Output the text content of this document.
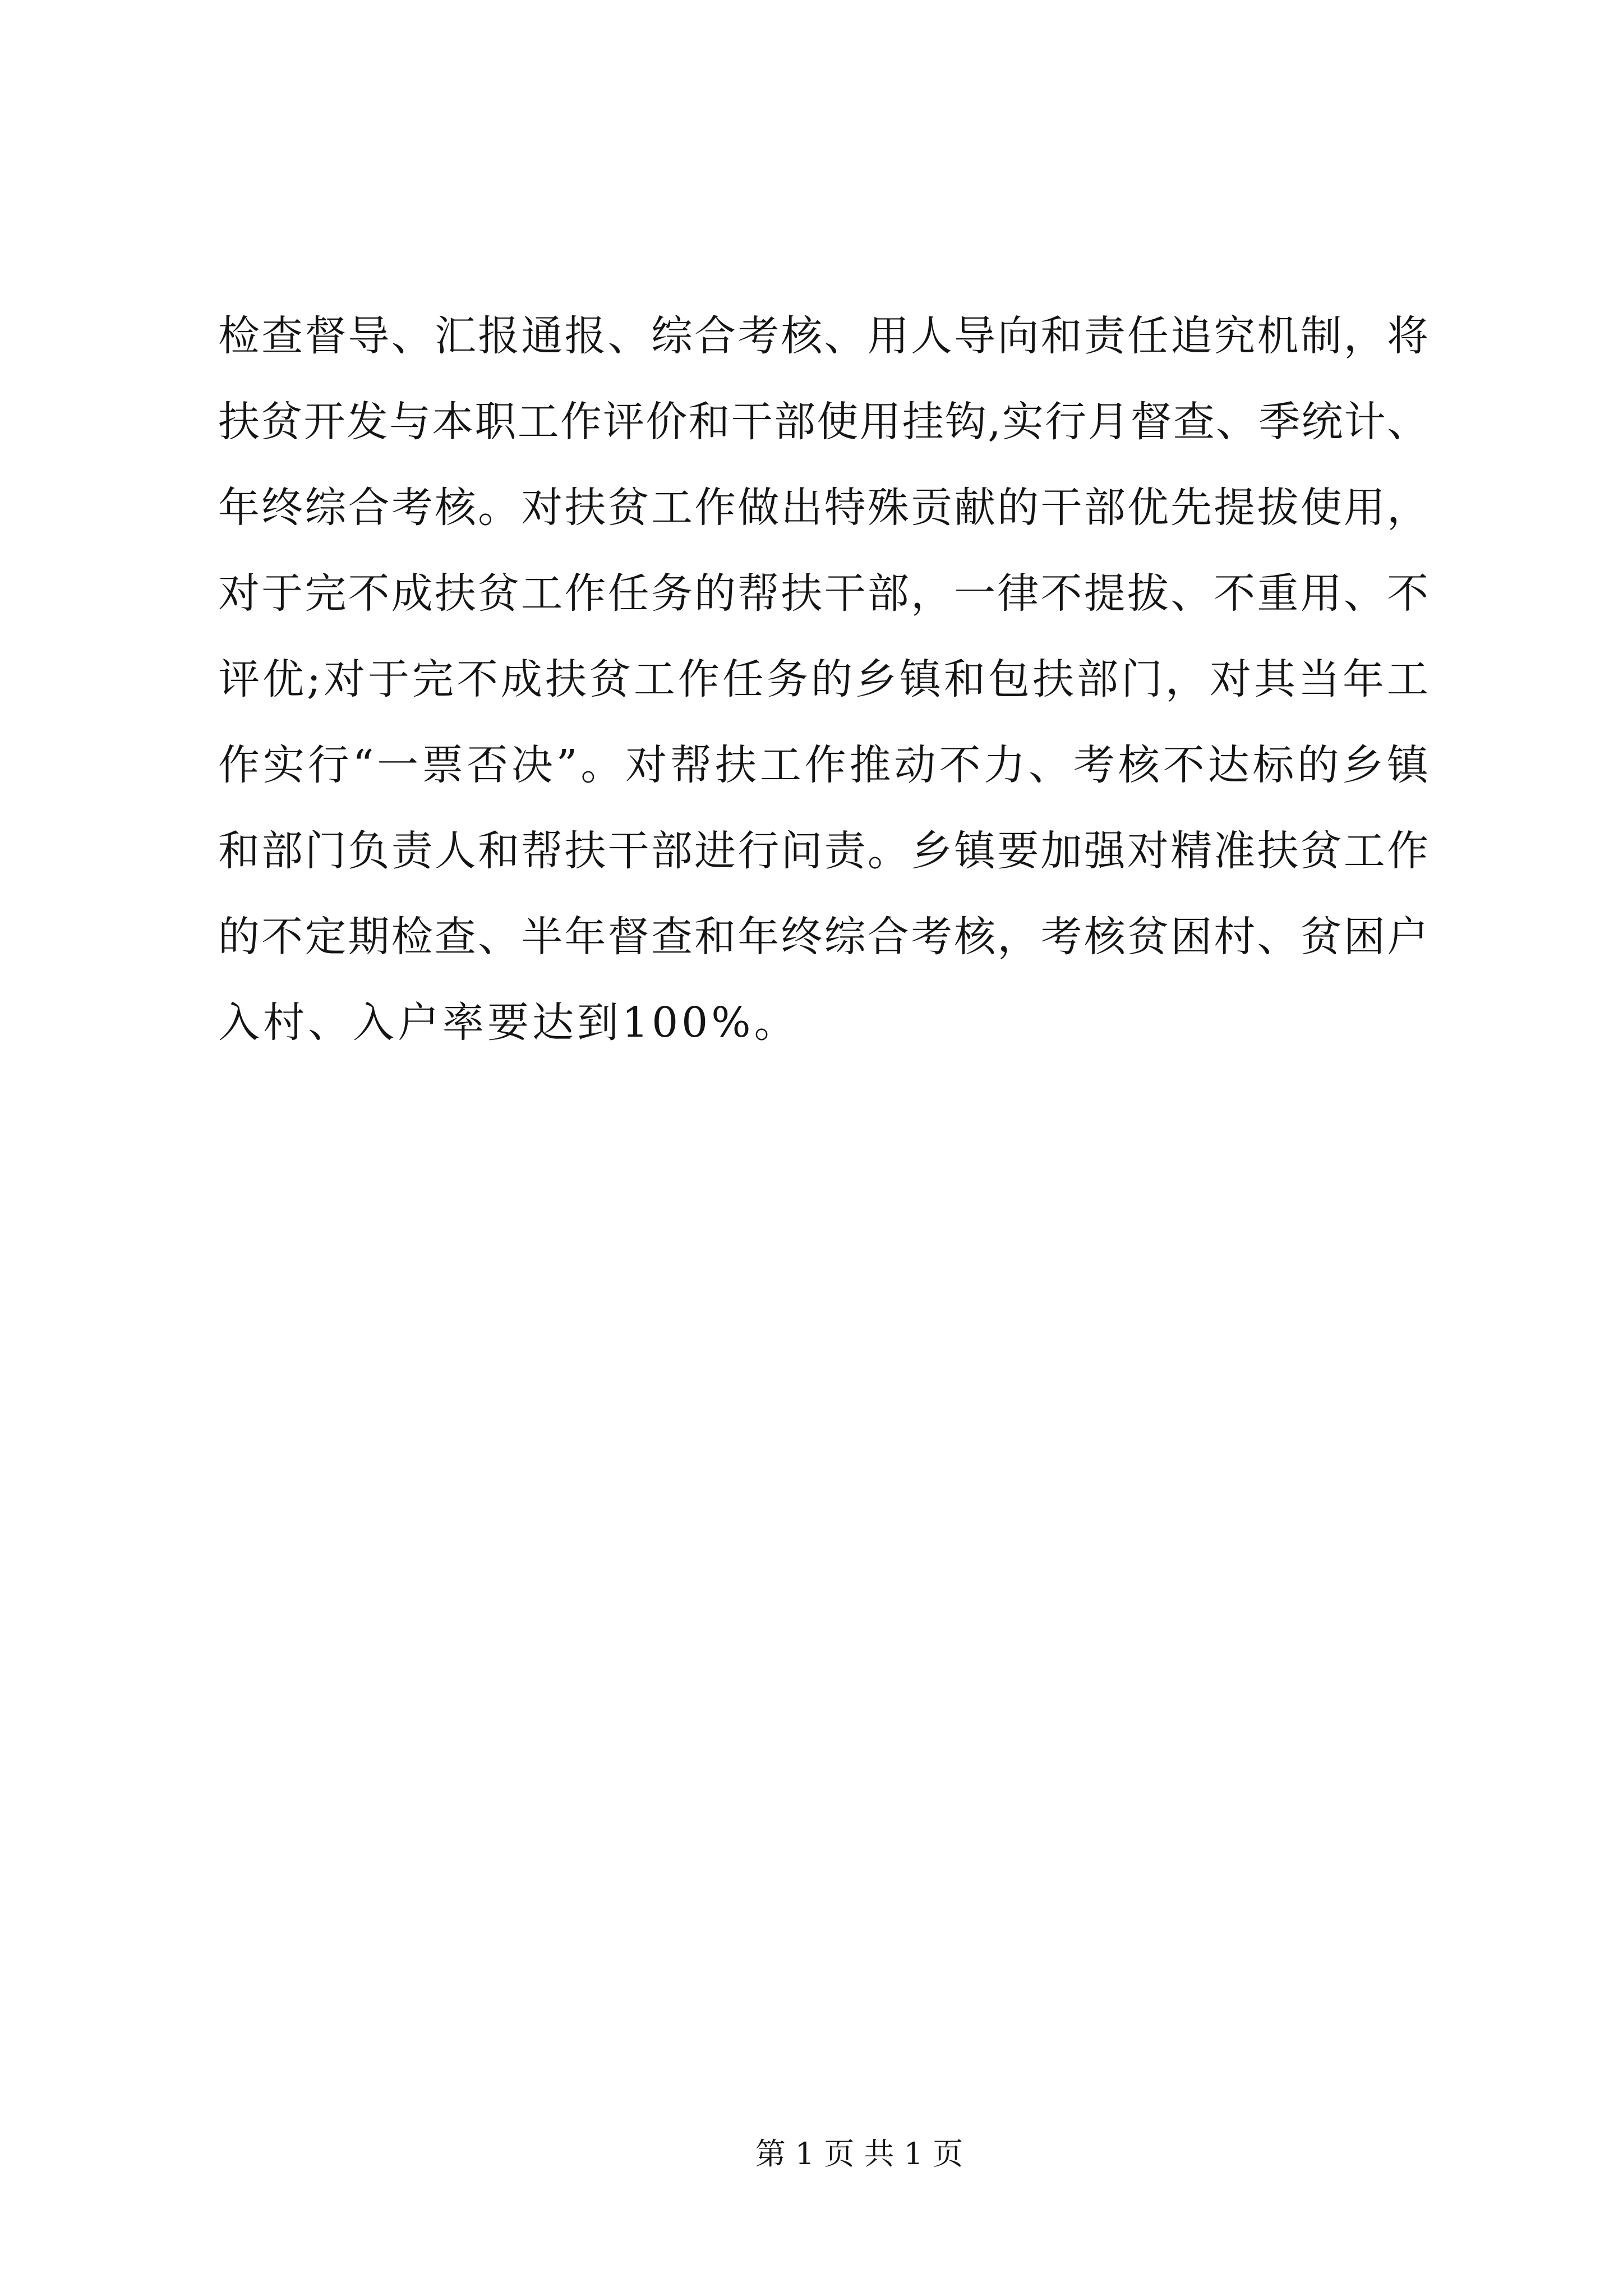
检查督导、汇报通报、综合考核、用人导向和责任追究机制，将
扶贫开发与本职工作评价和干部使用挂钩,实行月督查、季统计、
年终综合考核。对扶贫工作做出特殊贡献的干部优先提拔使用，
对于完不成扶贫工作任务的帮扶干部，一律不提拔、不重用、不
评优;对于完不成扶贫工作任务的乡镇和包扶部门，对其当年工
作实行“一票否决”。对帮扶工作推动不力、考核不达标的乡镇
和部门负责人和帮扶干部进行问责。乡镇要加强对精准扶贫工作
的不定期检查、半年督查和年终综合考核，考核贫困村、贫困户
入村、入户率要达到100%。
第 1 页 共 1 页
